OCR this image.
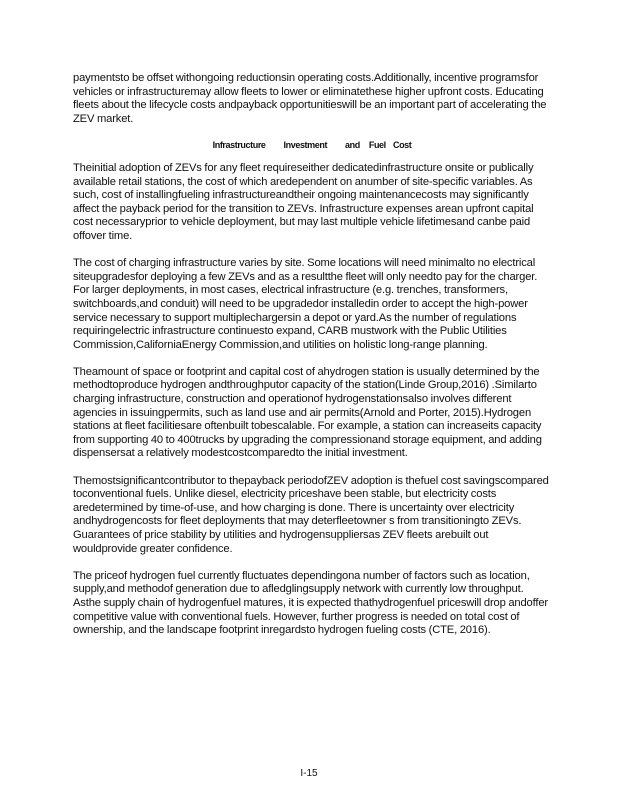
paymentsto be offset withongoing reductionsin operating costs.Additionally, incentive programsfor vehicles or infrastructuremay allow fleets to lower or eliminatethese higher upfront costs. Educating fleets about the lifecycle costs andpayback opportunitieswill be an important part of accelerating the ZEV market.

Infrastructure          Investment          and     Fuel    Cost

Theinitial adoption of ZEVs for any fleet requireseither dedicatedinfrastructure onsite or publically available retail stations, the cost of which aredependent on anumber of site-specific variables. As such, cost of installingfueling infrastructureandtheir ongoing maintenancecosts may significantly affect the payback period for the transition to ZEVs. Infrastructure expenses arean upfront capital cost necessaryprior to vehicle deployment, but may last multiple vehicle lifetimesand canbe paid offover time.

The cost of charging infrastructure varies by site. Some locations will need minimalto no electrical siteupgradesfor deploying a few ZEVs and as a resultthe fleet will only needto pay for the charger. For larger deployments, in most cases, electrical infrastructure (e.g. trenches, transformers, switchboards,and conduit) will need to be upgradedor installedin order to accept the high-power service necessary to support multiplechargersin a depot or yard.As the number of regulations requiringelectric infrastructure continuesto expand, CARB mustwork with the Public Utilities Commission,CaliforniaEnergy Commission,and utilities on holistic long-range planning.

Theamount of space or footprint and capital cost of ahydrogen station is usually determined by the methodtoproduce hydrogen andthroughputor capacity of the station(Linde Group,2016) .Similarto charging infrastructure, construction and operationof hydrogenstationsalso involves different agencies in issuingpermits, such as land use and air permits(Arnold and Porter, 2015).Hydrogen stations at fleet facilitiesare oftenbuilt tobescalable. For example, a station can increaseits capacity from supporting 40 to 400trucks by upgrading the compressionand storage equipment, and adding dispensersat a relatively modestcostcomparedto the initial investment.

Themostsignificantcontributor to thepayback periodofZEV adoption is thefuel cost savingscompared toconventional fuels. Unlike diesel, electricity priceshave been stable, but electricity costs aredetermined by time-of-use, and how charging is done. There is uncertainty over electricity andhydrogencosts for fleet deployments that may deterfleetowner s from transitioningto ZEVs. Guarantees of price stability by utilities and hydrogensuppliersas ZEV fleets arebuilt out wouldprovide greater confidence.

The priceof hydrogen fuel currently fluctuates dependingona number of factors such as location, supply,and methodof generation due to afledglingsupply network with currently low throughput. Asthe supply chain of hydrogenfuel matures, it is expected thathydrogenfuel priceswill drop andoffer competitive value with conventional fuels. However, further progress is needed on total cost of ownership, and the landscape footprint inregardsto hydrogen fueling costs (CTE, 2016).

I-15
